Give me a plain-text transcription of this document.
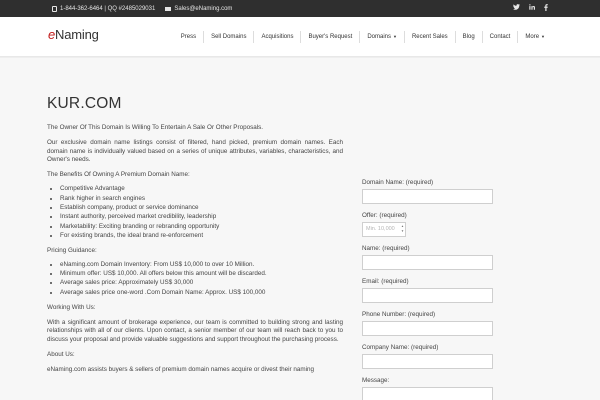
1-844-362-6464 | QQ #2485029031	Sales@eNaming.com
eNaming	Press	Sell Domains	Acquisitions	Buyer's Request	Domains ▼	Recent Sales	Blog	Contact	More ▼
KUR.COM

The Owner Of This Domain Is Willing To Entertain A Sale Or Other Proposals.

Our exclusive domain name listings consist of filtered, hand picked, premium domain names. Each domain name is individually valued based on a series of unique attributes, variables, characteristics, and Owner's needs.

The Benefits Of Owning A Premium Domain Name:

• Competitive Advantage
• Rank higher in search engines
• Establish company, product or service dominance
• Instant authority, perceived market credibility, leadership
• Marketability: Exciting branding or rebranding opportunity
• For existing brands, the ideal brand re-enforcement

Pricing Guidance:

• eNaming.com Domain Inventory: From US$ 10,000 to over 10 Million.
• Minimum offer: US$ 10,000. All offers below this amount will be discarded.
• Average sales price: Approximately US$ 30,000
• Average sales price one-word .Com Domain Name: Approx. US$ 100,000

Working With Us:

With a significant amount of brokerage experience, our team is committed to building strong and lasting relationships with all of our clients. Upon contact, a senior member of our team will reach back to you to discuss your proposal and provide valuable suggestions and support throughout the purchasing process.

About Us:

eNaming.com assists buyers & sellers of premium domain names acquire or divest their naming

Domain Name: (required)
Offer: (required)
Min. 10,000
▲
▼
Name: (required)
Email: (required)
Phone Number: (required)
Company Name: (required)
Message:
